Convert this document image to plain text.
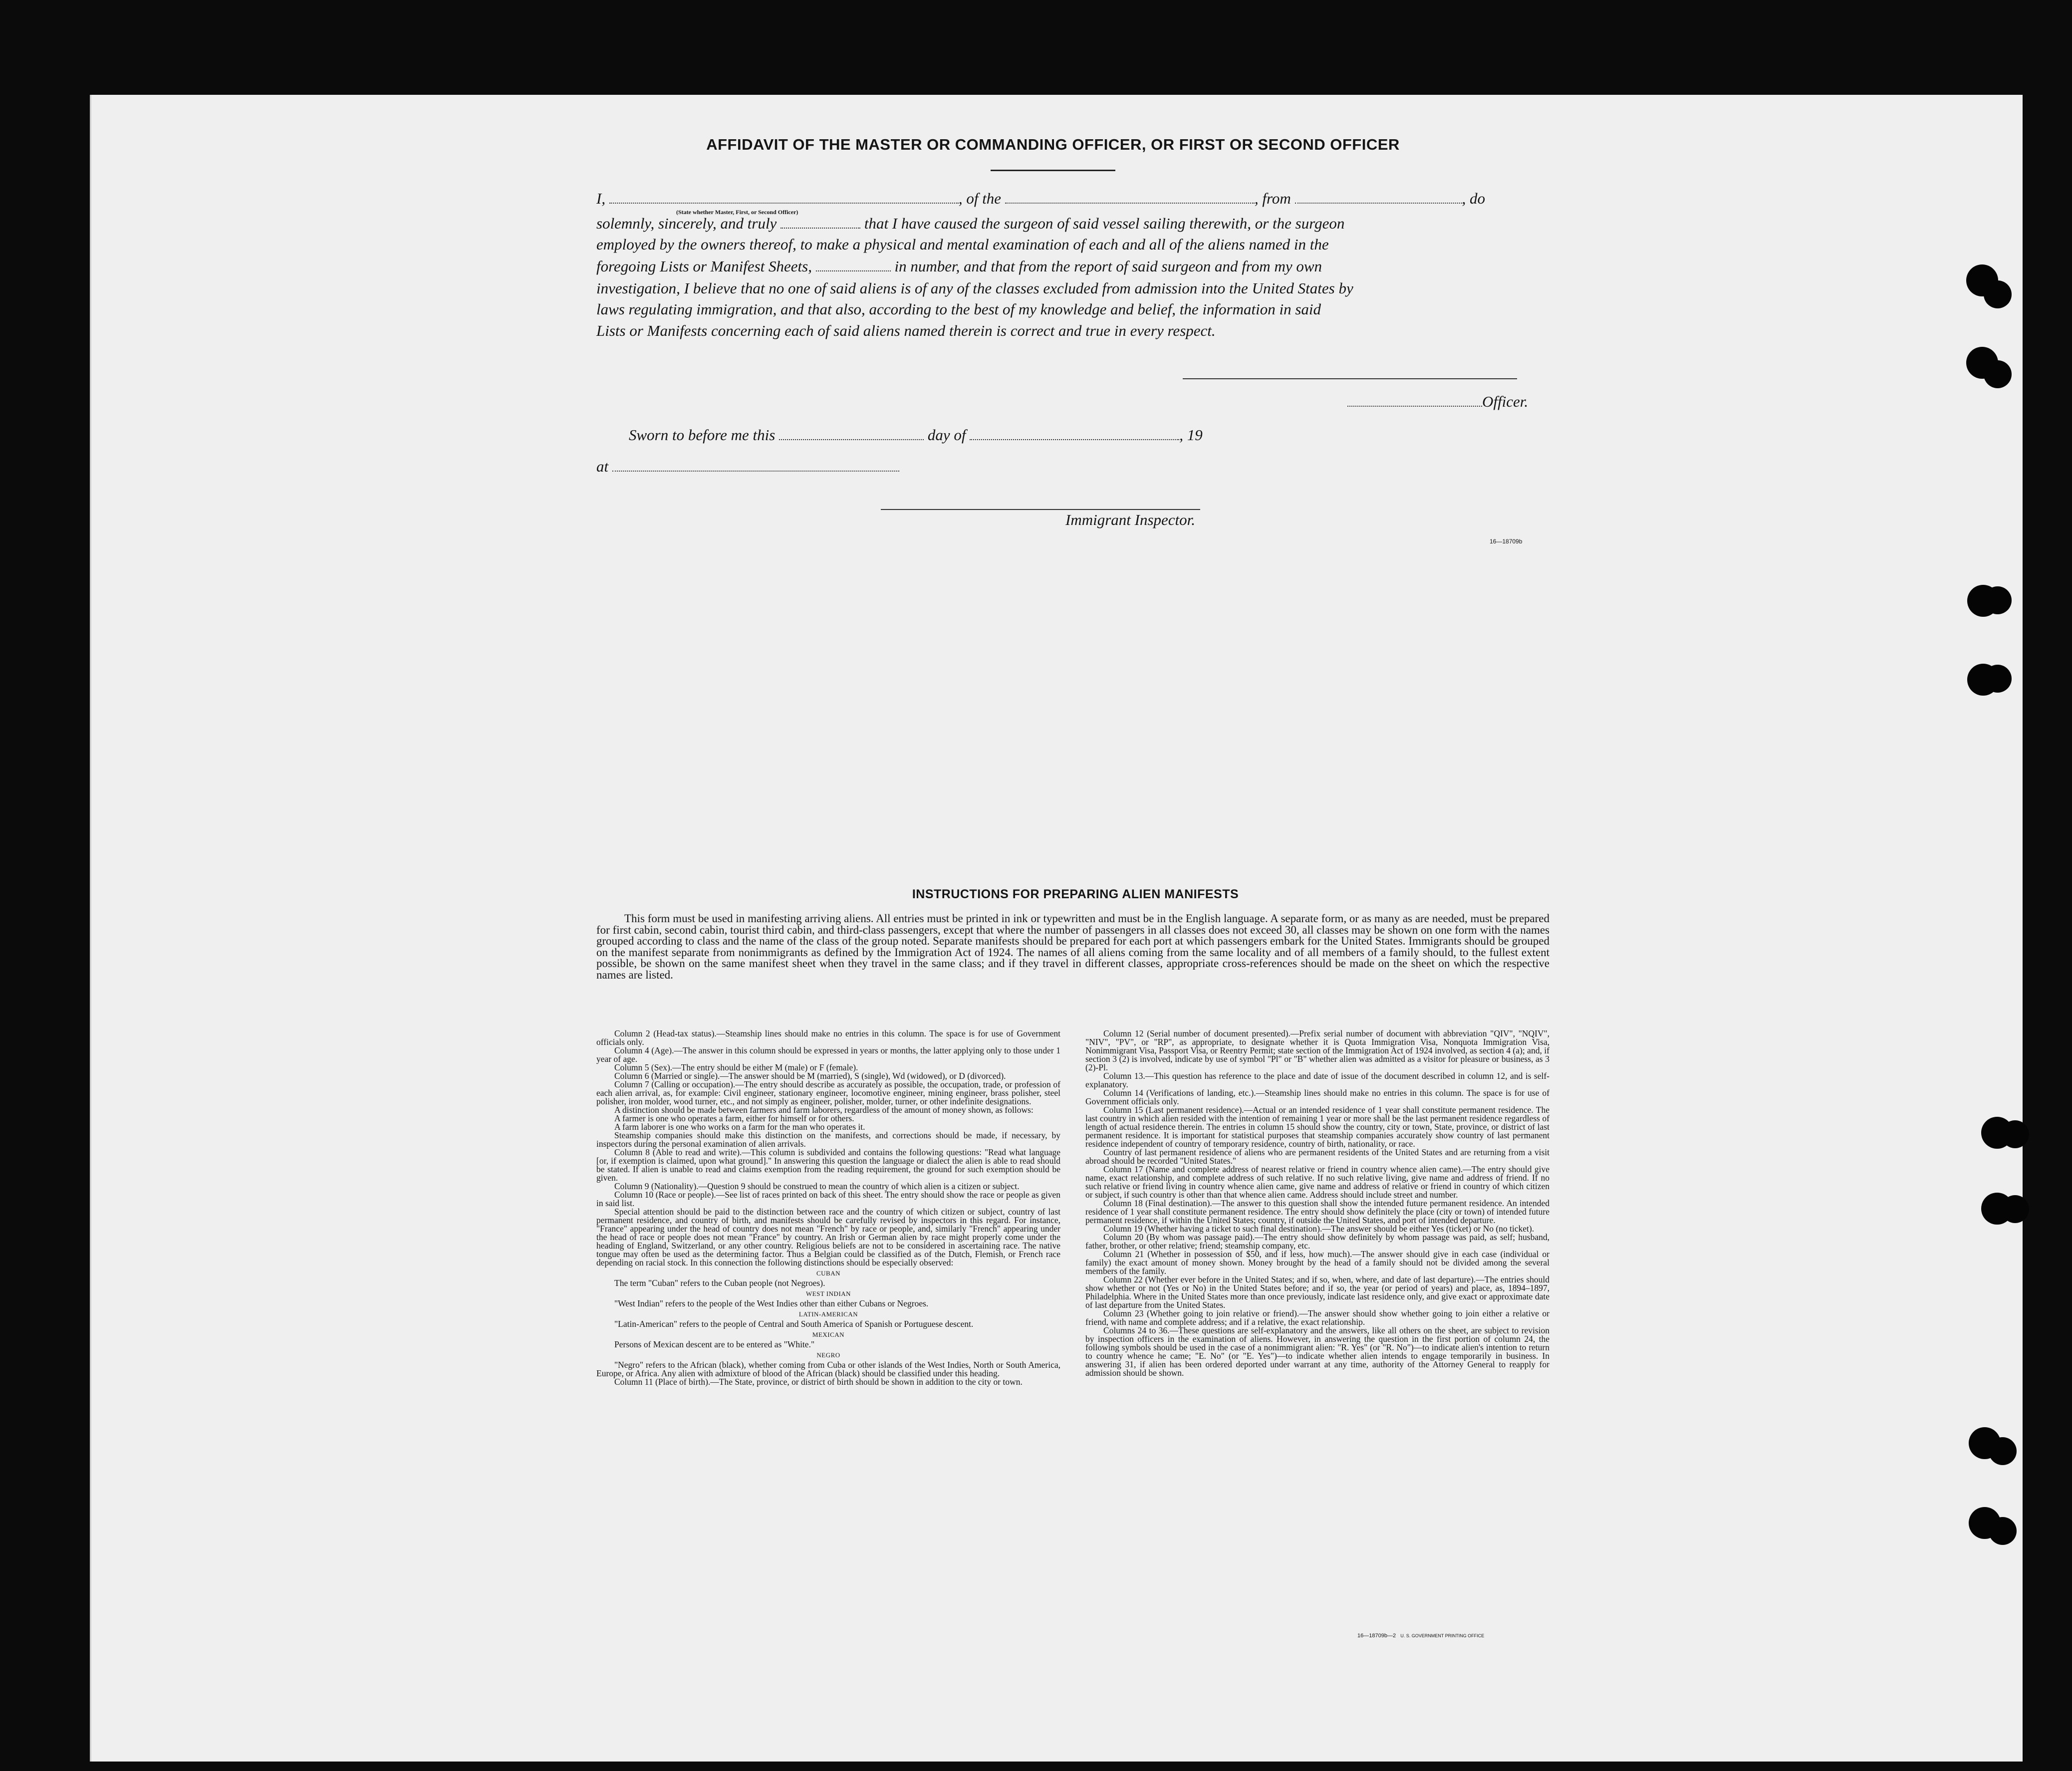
AFFIDAVIT OF THE MASTER OR COMMANDING OFFICER, OR FIRST OR SECOND OFFICER
I,	, of the	, from	, do
(State whether Master, First, or Second Officer)
solemnly, sincerely, and truly	that I have caused the surgeon of said vessel sailing therewith, or the surgeon
employed by the owners thereof, to make a physical and mental examination of each and all of the aliens named in the
foregoing Lists or Manifest Sheets,	in number, and that from the report of said surgeon and from my own
investigation, I believe that no one of said aliens is of any of the classes excluded from admission into the United States by
laws regulating immigration, and that also, according to the best of my knowledge and belief, the information in said
Lists or Manifests concerning each of said aliens named therein is correct and true in every respect.
Officer.
Sworn to before me this	day of	, 19
at
Immigrant Inspector.
16—18709b
INSTRUCTIONS FOR PREPARING ALIEN MANIFESTS

This form must be used in manifesting arriving aliens. All entries must be printed in ink or typewritten and must be in the English language. A separate form, or as many as are needed, must be prepared for first cabin, second cabin, tourist third cabin, and third-class passengers, except that where the number of passengers in all classes does not exceed 30, all classes may be shown on one form with the names grouped according to class and the name of the class of the group noted. Separate manifests should be prepared for each port at which passengers embark for the United States. Immigrants should be grouped on the manifest separate from nonimmigrants as defined by the Immigration Act of 1924. The names of all aliens coming from the same locality and of all members of a family should, to the fullest extent possible, be shown on the same manifest sheet when they travel in the same class; and if they travel in different classes, appropriate cross-references should be made on the sheet on which the respective names are listed.

Column 2 (Head-tax status).—Steamship lines should make no entries in this column. The space is for use of Government officials only.

Column 4 (Age).—The answer in this column should be expressed in years or months, the latter applying only to those under 1 year of age.

Column 5 (Sex).—The entry should be either M (male) or F (female).

Column 6 (Married or single).—The answer should be M (married), S (single), Wd (widowed), or D (divorced).

Column 7 (Calling or occupation).—The entry should describe as accurately as possible, the occupation, trade, or profession of each alien arrival, as, for example: Civil engineer, stationary engineer, locomotive engineer, mining engineer, brass polisher, steel polisher, iron molder, wood turner, etc., and not simply as engineer, polisher, molder, turner, or other indefinite designations.

A distinction should be made between farmers and farm laborers, regardless of the amount of money shown, as follows:

A farmer is one who operates a farm, either for himself or for others.

A farm laborer is one who works on a farm for the man who operates it.

Steamship companies should make this distinction on the manifests, and corrections should be made, if necessary, by inspectors during the personal examination of alien arrivals.

Column 8 (Able to read and write).—This column is subdivided and contains the following questions: "Read what language [or, if exemption is claimed, upon what ground]." In answering this question the language or dialect the alien is able to read should be stated. If alien is unable to read and claims exemption from the reading requirement, the ground for such exemption should be given.

Column 9 (Nationality).—Question 9 should be construed to mean the country of which alien is a citizen or subject.

Column 10 (Race or people).—See list of races printed on back of this sheet. The entry should show the race or people as given in said list.

Special attention should be paid to the distinction between race and the country of which citizen or subject, country of last permanent residence, and country of birth, and manifests should be carefully revised by inspectors in this regard. For instance, "France" appearing under the head of country does not mean "French" by race or people, and, similarly "French" appearing under the head of race or people does not mean "France" by country. An Irish or German alien by race might properly come under the heading of England, Switzerland, or any other country. Religious beliefs are not to be considered in ascertaining race. The native tongue may often be used as the determining factor. Thus a Belgian could be classified as of the Dutch, Flemish, or French race depending on racial stock. In this connection the following distinctions should be especially observed:

CUBAN

The term "Cuban" refers to the Cuban people (not Negroes).

WEST INDIAN

"West Indian" refers to the people of the West Indies other than either Cubans or Negroes.

LATIN-AMERICAN

"Latin-American" refers to the people of Central and South America of Spanish or Portuguese descent.

MEXICAN

Persons of Mexican descent are to be entered as "White."

NEGRO

"Negro" refers to the African (black), whether coming from Cuba or other islands of the West Indies, North or South America, Europe, or Africa. Any alien with admixture of blood of the African (black) should be classified under this heading.

Column 11 (Place of birth).—The State, province, or district of birth should be shown in addition to the city or town.

Column 12 (Serial number of document presented).—Prefix serial number of document with abbreviation "QIV", "NQIV", "NIV", "PV", or "RP", as appropriate, to designate whether it is Quota Immigration Visa, Nonquota Immigration Visa, Nonimmigrant Visa, Passport Visa, or Reentry Permit; state section of the Immigration Act of 1924 involved, as section 4 (a); and, if section 3 (2) is involved, indicate by use of symbol "Pl" or "B" whether alien was admitted as a visitor for pleasure or business, as 3 (2)-Pl.

Column 13.—This question has reference to the place and date of issue of the document described in column 12, and is self-explanatory.

Column 14 (Verifications of landing, etc.).—Steamship lines should make no entries in this column. The space is for use of Government officials only.

Column 15 (Last permanent residence).—Actual or an intended residence of 1 year shall constitute permanent residence. The last country in which alien resided with the intention of remaining 1 year or more shall be the last permanent residence regardless of length of actual residence therein. The entries in column 15 should show the country, city or town, State, province, or district of last permanent residence. It is important for statistical purposes that steamship companies accurately show country of last permanent residence independent of country of temporary residence, country of birth, nationality, or race.

Country of last permanent residence of aliens who are permanent residents of the United States and are returning from a visit abroad should be recorded "United States."

Column 17 (Name and complete address of nearest relative or friend in country whence alien came).—The entry should give name, exact relationship, and complete address of such relative. If no such relative living, give name and address of friend. If no such relative or friend living in country whence alien came, give name and address of relative or friend in country of which citizen or subject, if such country is other than that whence alien came. Address should include street and number.

Column 18 (Final destination).—The answer to this question shall show the intended future permanent residence. An intended residence of 1 year shall constitute permanent residence. The entry should show definitely the place (city or town) of intended future permanent residence, if within the United States; country, if outside the United States, and port of intended departure.

Column 19 (Whether having a ticket to such final destination).—The answer should be either Yes (ticket) or No (no ticket).

Column 20 (By whom was passage paid).—The entry should show definitely by whom passage was paid, as self; husband, father, brother, or other relative; friend; steamship company, etc.

Column 21 (Whether in possession of $50, and if less, how much).—The answer should give in each case (individual or family) the exact amount of money shown. Money brought by the head of a family should not be divided among the several members of the family.

Column 22 (Whether ever before in the United States; and if so, when, where, and date of last departure).—The entries should show whether or not (Yes or No) in the United States before; and if so, the year (or period of years) and place, as, 1894–1897, Philadelphia. Where in the United States more than once previously, indicate last residence only, and give exact or approximate date of last departure from the United States.

Column 23 (Whether going to join relative or friend).—The answer should show whether going to join either a relative or friend, with name and complete address; and if a relative, the exact relationship.

Columns 24 to 36.—These questions are self-explanatory and the answers, like all others on the sheet, are subject to revision by inspection officers in the examination of aliens. However, in answering the question in the first portion of column 24, the following symbols should be used in the case of a nonimmigrant alien: "R. Yes" (or "R. No")—to indicate alien's intention to return to country whence he came; "E. No" (or "E. Yes")—to indicate whether alien intends to engage temporarily in business. In answering 31, if alien has been ordered deported under warrant at any time, authority of the Attorney General to reapply for admission should be shown.

16—18709b—2 U. S. GOVERNMENT PRINTING OFFICE
